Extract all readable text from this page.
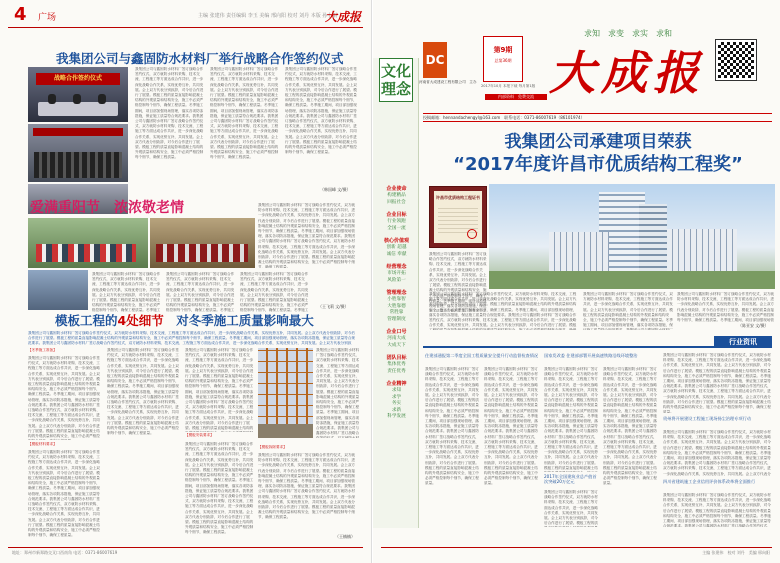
4 广场	主编 张建伟 责任编辑 李玉 美编 邢向阳 校对 刘丹 本版 孙小雨
大成报
我集团公司与鑫固防水材料厂举行战略合作签约仪式
战略合作签约仪式
我集团公司与鑫固防水材料厂签订战略合作签约仪式，双方就防水材料采购、技术交流、工程施工等方面达成合作共识，进一步深化战略合作关系，实现优势互补，共同发展。会上双方代表分别致辞，对今后合作进行了展望。模板工程的质量直接影响混凝土结构的外观质量和结构安全，施工中必须严格控制每个细节，确保工程质量。冬季施工期间，项目部加强现场管理，落实各项防冻措施，保证施工质量符合规范要求。我集团公司与鑫固防水材料厂签订战略合作签约仪式，双方就防水材料采购、技术交流、工程施工等方面达成合作共识，进一步深化战略合作关系，实现优势互补，共同发展。会上双方代表分别致辞，对今后合作进行了展望。模板工程的质量直接影响混凝土结构的外观质量和结构安全，施工中必须严格控制每个细节，确保工程质量。
我集团公司与鑫固防水材料厂签订战略合作签约仪式，双方就防水材料采购、技术交流、工程施工等方面达成合作共识，进一步深化战略合作关系，实现优势互补，共同发展。会上双方代表分别致辞，对今后合作进行了展望。模板工程的质量直接影响混凝土结构的外观质量和结构安全，施工中必须严格控制每个细节，确保工程质量。冬季施工期间，项目部加强现场管理，落实各项防冻措施，保证施工质量符合规范要求。我集团公司与鑫固防水材料厂签订战略合作签约仪式，双方就防水材料采购、技术交流、工程施工等方面达成合作共识，进一步深化战略合作关系，实现优势互补，共同发展。会上双方代表分别致辞，对今后合作进行了展望。模板工程的质量直接影响混凝土结构的外观质量和结构安全，施工中必须严格控制每个细节，确保工程质量。
我集团公司与鑫固防水材料厂签订战略合作签约仪式，双方就防水材料采购、技术交流、工程施工等方面达成合作共识，进一步深化战略合作关系，实现优势互补，共同发展。会上双方代表分别致辞，对今后合作进行了展望。模板工程的质量直接影响混凝土结构的外观质量和结构安全，施工中必须严格控制每个细节，确保工程质量。冬季施工期间，项目部加强现场管理，落实各项防冻措施，保证施工质量符合规范要求。我集团公司与鑫固防水材料厂签订战略合作签约仪式，双方就防水材料采购、技术交流、工程施工等方面达成合作共识，进一步深化战略合作关系，实现优势互补，共同发展。会上双方代表分别致辞，对今后合作进行了展望。模板工程的质量直接影响混凝土结构的外观质量和结构安全，施工中必须严格控制每个细节，确保工程质量。
（韩国峰 文/摄）
爱满重阳节　浓浓敬老情
我集团公司与鑫固防水材料厂签订战略合作签约仪式，双方就防水材料采购、技术交流、工程施工等方面达成合作共识，进一步深化战略合作关系，实现优势互补，共同发展。会上双方代表分别致辞，对今后合作进行了展望。模板工程的质量直接影响混凝土结构的外观质量和结构安全，施工中必须严格控制每个细节，确保工程质量。冬季施工期间，项目部加强现场管理，落实各项防冻措施，保证施工质量符合规范要求。我集团公司与鑫固防水材料厂签订战略合作签约仪式，双方就防水材料采购、技术交流、工程施工等方面达成合作共识，进一步深化战略合作关系，实现优势互补，共同发展。会上双方代表分别致辞，对今后合作进行了展望。模板工程的质量直接影响混凝土结构的外观质量和结构安全，施工中必须严格控制每个细节，确保工程质量。
我集团公司与鑫固防水材料厂签订战略合作签约仪式，双方就防水材料采购、技术交流、工程施工等方面达成合作共识，进一步深化战略合作关系，实现优势互补，共同发展。会上双方代表分别致辞，对今后合作进行了展望。模板工程的质量直接影响混凝土结构的外观质量和结构安全，施工中必须严格控制每个细节，确保工程质量。冬季施工期间，项目部加强现场管理，落实各项防冻措施，保证施工质量符合规范要求。我集团公司与鑫固防水材料厂签订战略合作签约仪式，双方就防水材料采购、技术交流、工程施工等方面达成合作共识，进一步深化战略合作关系，实现优势互补，共同发展。会上双方代表分别致辞，对今后合作进行了展望。模板工程的质量直接影响混凝土结构的外观质量和结构安全，施工中必须严格控制每个细节，确保工程质量。
我集团公司与鑫固防水材料厂签订战略合作签约仪式，双方就防水材料采购、技术交流、工程施工等方面达成合作共识，进一步深化战略合作关系，实现优势互补，共同发展。会上双方代表分别致辞，对今后合作进行了展望。模板工程的质量直接影响混凝土结构的外观质量和结构安全，施工中必须严格控制每个细节，确保工程质量。冬季施工期间，项目部加强现场管理，落实各项防冻措施，保证施工质量符合规范要求。我集团公司与鑫固防水材料厂签订战略合作签约仪式，双方就防水材料采购、技术交流、工程施工等方面达成合作共识，进一步深化战略合作关系，实现优势互补，共同发展。会上双方代表分别致辞，对今后合作进行了展望。模板工程的质量直接影响混凝土结构的外观质量和结构安全，施工中必须严格控制每个细节，确保工程质量。
我集团公司与鑫固防水材料厂签订战略合作签约仪式，双方就防水材料采购、技术交流、工程施工等方面达成合作共识，进一步深化战略合作关系，实现优势互补，共同发展。会上双方代表分别致辞，对今后合作进行了展望。模板工程的质量直接影响混凝土结构的外观质量和结构安全，施工中必须严格控制每个细节，确保工程质量。冬季施工期间，项目部加强现场管理，落实各项防冻措施，保证施工质量符合规范要求。我集团公司与鑫固防水材料厂签订战略合作签约仪式，双方就防水材料采购、技术交流、工程施工等方面达成合作共识，进一步深化战略合作关系，实现优势互补，共同发展。会上双方代表分别致辞，对今后合作进行了展望。模板工程的质量直接影响混凝土结构的外观质量和结构安全，施工中必须严格控制每个细节，确保工程质量。
（王飞莉 文/摄）
模板工程的4处细节　 对冬季施工质量影响最大
我集团公司与鑫固防水材料厂签订战略合作签约仪式，双方就防水材料采购、技术交流、工程施工等方面达成合作共识，进一步深化战略合作关系，实现优势互补，共同发展。会上双方代表分别致辞，对今后合作进行了展望。模板工程的质量直接影响混凝土结构的外观质量和结构安全，施工中必须严格控制每个细节，确保工程质量。冬季施工期间，项目部加强现场管理，落实各项防冻措施，保证施工质量符合规范要求。我集团公司与鑫固防水材料厂签订战略合作签约仪式，双方就防水材料采购、技术交流、工程施工等方面达成合作共识，进一步深化战略合作关系，实现优势互补，共同发展。会上双方代表分别致辞，对今后合作进行了展望。模板工程的质量直接影响混凝土结构的外观质量和结构安全，施工中必须严格控制每个细节，确保工程质量。
【冬季施工准备】
我集团公司与鑫固防水材料厂签订战略合作签约仪式，双方就防水材料采购、技术交流、工程施工等方面达成合作共识，进一步深化战略合作关系，实现优势互补，共同发展。会上双方代表分别致辞，对今后合作进行了展望。模板工程的质量直接影响混凝土结构的外观质量和结构安全，施工中必须严格控制每个细节，确保工程质量。冬季施工期间，项目部加强现场管理，落实各项防冻措施，保证施工质量符合规范要求。我集团公司与鑫固防水材料厂签订战略合作签约仪式，双方就防水材料采购、技术交流、工程施工等方面达成合作共识，进一步深化战略合作关系，实现优势互补，共同发展。会上双方代表分别致辞，对今后合作进行了展望。模板工程的质量直接影响混凝土结构的外观质量和结构安全，施工中必须严格控制每个细节，确保工程质量。
【模板材料要求】
我集团公司与鑫固防水材料厂签订战略合作签约仪式，双方就防水材料采购、技术交流、工程施工等方面达成合作共识，进一步深化战略合作关系，实现优势互补，共同发展。会上双方代表分别致辞，对今后合作进行了展望。模板工程的质量直接影响混凝土结构的外观质量和结构安全，施工中必须严格控制每个细节，确保工程质量。冬季施工期间，项目部加强现场管理，落实各项防冻措施，保证施工质量符合规范要求。我集团公司与鑫固防水材料厂签订战略合作签约仪式，双方就防水材料采购、技术交流、工程施工等方面达成合作共识，进一步深化战略合作关系，实现优势互补，共同发展。会上双方代表分别致辞，对今后合作进行了展望。模板工程的质量直接影响混凝土结构的外观质量和结构安全，施工中必须严格控制每个细节，确保工程质量。
我集团公司与鑫固防水材料厂签订战略合作签约仪式，双方就防水材料采购、技术交流、工程施工等方面达成合作共识，进一步深化战略合作关系，实现优势互补，共同发展。会上双方代表分别致辞，对今后合作进行了展望。模板工程的质量直接影响混凝土结构的外观质量和结构安全，施工中必须严格控制每个细节，确保工程质量。冬季施工期间，项目部加强现场管理，落实各项防冻措施，保证施工质量符合规范要求。我集团公司与鑫固防水材料厂签订战略合作签约仪式，双方就防水材料采购、技术交流、工程施工等方面达成合作共识，进一步深化战略合作关系，实现优势互补，共同发展。会上双方代表分别致辞，对今后合作进行了展望。模板工程的质量直接影响混凝土结构的外观质量和结构安全，施工中必须严格控制每个细节，确保工程质量。
【模板安装要求】
我集团公司与鑫固防水材料厂签订战略合作签约仪式，双方就防水材料采购、技术交流、工程施工等方面达成合作共识，进一步深化战略合作关系，实现优势互补，共同发展。会上双方代表分别致辞，对今后合作进行了展望。模板工程的质量直接影响混凝土结构的外观质量和结构安全，施工中必须严格控制每个细节，确保工程质量。冬季施工期间，项目部加强现场管理，落实各项防冻措施，保证施工质量符合规范要求。我集团公司与鑫固防水材料厂签订战略合作签约仪式，双方就防水材料采购、技术交流、工程施工等方面达成合作共识，进一步深化战略合作关系，实现优势互补，共同发展。会上双方代表分别致辞，对今后合作进行了展望。模板工程的质量直接影响混凝土结构的外观质量和结构安全，施工中必须严格控制每个细节，确保工程质量。
我集团公司与鑫固防水材料厂签订战略合作签约仪式，双方就防水材料采购、技术交流、工程施工等方面达成合作共识，进一步深化战略合作关系，实现优势互补，共同发展。会上双方代表分别致辞，对今后合作进行了展望。模板工程的质量直接影响混凝土结构的外观质量和结构安全，施工中必须严格控制每个细节，确保工程质量。冬季施工期间，项目部加强现场管理，落实各项防冻措施，保证施工质量符合规范要求。我集团公司与鑫固防水材料厂签订战略合作签约仪式，双方就防水材料采购、技术交流、工程施工等方面达成合作共识，进一步深化战略合作关系，实现优势互补，共同发展。会上双方代表分别致辞，对今后合作进行了展望。模板工程的质量直接影响混凝土结构的外观质量和结构安全，施工中必须严格控制每个细节，确保工程质量。
我集团公司与鑫固防水材料厂签订战略合作签约仪式，双方就防水材料采购、技术交流、工程施工等方面达成合作共识，进一步深化战略合作关系，实现优势互补，共同发展。会上双方代表分别致辞，对今后合作进行了展望。模板工程的质量直接影响混凝土结构的外观质量和结构安全，施工中必须严格控制每个细节，确保工程质量。冬季施工期间，项目部加强现场管理，落实各项防冻措施，保证施工质量符合规范要求。我集团公司与鑫固防水材料厂签订战略合作签约仪式，双方就防水材料采购、技术交流、工程施工等方面达成合作共识，进一步深化战略合作关系，实现优势互补，共同发展。会上双方代表分别致辞，对今后合作进行了展望。模板工程的质量直接影响混凝土结构的外观质量和结构安全，施工中必须严格控制每个细节，确保工程质量。
【模板拆除要求】
我集团公司与鑫固防水材料厂签订战略合作签约仪式，双方就防水材料采购、技术交流、工程施工等方面达成合作共识，进一步深化战略合作关系，实现优势互补，共同发展。会上双方代表分别致辞，对今后合作进行了展望。模板工程的质量直接影响混凝土结构的外观质量和结构安全，施工中必须严格控制每个细节，确保工程质量。冬季施工期间，项目部加强现场管理，落实各项防冻措施，保证施工质量符合规范要求。我集团公司与鑫固防水材料厂签订战略合作签约仪式，双方就防水材料采购、技术交流、工程施工等方面达成合作共识，进一步深化战略合作关系，实现优势互补，共同发展。会上双方代表分别致辞，对今后合作进行了展望。模板工程的质量直接影响混凝土结构的外观质量和结构安全，施工中必须严格控制每个细节，确保工程质量。
（王楠楠）
地址：郑州市新郑路交叉口西南角 电话：0371-86007619
文化理念
企业使命
构建精品
回报社会
企业目标
行业领跑
全国一流
核心价值观
创新 超越
诚信 奉献
经营理念
市场开拓
风险第一
管理理念
小胜靠智
大胜靠德
常胜靠
管理制度
企业口号
河南大成
大成天下
团队目标
集体优秀
责任优秀
企业精神
求知
求学
务实
求新
科学发展
DC
河南省大成建设工程有限公司　主办
第9期
总第36期
2017年10月 本报下载 每月第1版
内部资料　免费交流
求知　求变　求实　求和
大成报
投稿邮箱：hennandachengyl@163.com　联系电话：0371-86007619（86101974）
我集团公司承建项目荣获
“2017年度许昌市优质结构工程奖”
许昌市优质结构工程证书
我集团公司与鑫固防水材料厂签订战略合作签约仪式，双方就防水材料采购、技术交流、工程施工等方面达成合作共识，进一步深化战略合作关系，实现优势互补，共同发展。会上双方代表分别致辞，对今后合作进行了展望。模板工程的质量直接影响混凝土结构的外观质量和结构安全，施工中必须严格控制每个细节，确保工程质量。冬季施工期间，项目部加强现场管理，落实各项防冻措施，保证施工质量符合规范要求。我集团公司与鑫固防水材料厂签订战略合作签约仪式，双方就防水材料采购、技术交流、工程施工等方面达成合作共识，进一步深化战略合作关系，实现优势互补，共同发展。会上双方代表分别致辞，对今后合作进行了展望。模板工程的质量直接影响混凝土结构的外观质量和结构安全，施工中必须严格控制每个细节，确保工程质量。
我集团公司与鑫固防水材料厂签订战略合作签约仪式，双方就防水材料采购、技术交流、工程施工等方面达成合作共识，进一步深化战略合作关系，实现优势互补，共同发展。会上双方代表分别致辞，对今后合作进行了展望。模板工程的质量直接影响混凝土结构的外观质量和结构安全，施工中必须严格控制每个细节，确保工程质量。冬季施工期间，项目部加强现场管理，落实各项防冻措施，保证施工质量符合规范要求。我集团公司与鑫固防水材料厂签订战略合作签约仪式，双方就防水材料采购、技术交流、工程施工等方面达成合作共识，进一步深化战略合作关系，实现优势互补，共同发展。会上双方代表分别致辞，对今后合作进行了展望。模板工程的质量直接影响混凝土结构的外观质量和结构安全，施工中必须严格控制每个细节，确保工程质量。
我集团公司与鑫固防水材料厂签订战略合作签约仪式，双方就防水材料采购、技术交流、工程施工等方面达成合作共识，进一步深化战略合作关系，实现优势互补，共同发展。会上双方代表分别致辞，对今后合作进行了展望。模板工程的质量直接影响混凝土结构的外观质量和结构安全，施工中必须严格控制每个细节，确保工程质量。冬季施工期间，项目部加强现场管理，落实各项防冻措施，保证施工质量符合规范要求。我集团公司与鑫固防水材料厂签订战略合作签约仪式，双方就防水材料采购、技术交流、工程施工等方面达成合作共识，进一步深化战略合作关系，实现优势互补，共同发展。会上双方代表分别致辞，对今后合作进行了展望。模板工程的质量直接影响混凝土结构的外观质量和结构安全，施工中必须严格控制每个细节，确保工程质量。
我集团公司与鑫固防水材料厂签订战略合作签约仪式，双方就防水材料采购、技术交流、工程施工等方面达成合作共识，进一步深化战略合作关系，实现优势互补，共同发展。会上双方代表分别致辞，对今后合作进行了展望。模板工程的质量直接影响混凝土结构的外观质量和结构安全，施工中必须严格控制每个细节，确保工程质量。冬季施工期间，项目部加强现场管理，落实各项防冻措施，保证施工质量符合规范要求。我集团公司与鑫固防水材料厂签订战略合作签约仪式，双方就防水材料采购、技术交流、工程施工等方面达成合作共识，进一步深化战略合作关系，实现优势互补，共同发展。会上双方代表分别致辞，对今后合作进行了展望。模板工程的质量直接影响混凝土结构的外观质量和结构安全，施工中必须严格控制每个细节，确保工程质量。
（陈亚安 文/摄）
行业资讯
住建部通报第二季度全国工程质量安全提升行动监督检查情况
我集团公司与鑫固防水材料厂签订战略合作签约仪式，双方就防水材料采购、技术交流、工程施工等方面达成合作共识，进一步深化战略合作关系，实现优势互补，共同发展。会上双方代表分别致辞，对今后合作进行了展望。模板工程的质量直接影响混凝土结构的外观质量和结构安全，施工中必须严格控制每个细节，确保工程质量。冬季施工期间，项目部加强现场管理，落实各项防冻措施，保证施工质量符合规范要求。我集团公司与鑫固防水材料厂签订战略合作签约仪式，双方就防水材料采购、技术交流、工程施工等方面达成合作共识，进一步深化战略合作关系，实现优势互补，共同发展。会上双方代表分别致辞，对今后合作进行了展望。模板工程的质量直接影响混凝土结构的外观质量和结构安全，施工中必须严格控制每个细节，确保工程质量。
我集团公司与鑫固防水材料厂签订战略合作签约仪式，双方就防水材料采购、技术交流、工程施工等方面达成合作共识，进一步深化战略合作关系，实现优势互补，共同发展。会上双方代表分别致辞，对今后合作进行了展望。模板工程的质量直接影响混凝土结构的外观质量和结构安全，施工中必须严格控制每个细节，确保工程质量。冬季施工期间，项目部加强现场管理，落实各项防冻措施，保证施工质量符合规范要求。我集团公司与鑫固防水材料厂签订战略合作签约仪式，双方就防水材料采购、技术交流、工程施工等方面达成合作共识，进一步深化战略合作关系，实现优势互补，共同发展。会上双方代表分别致辞，对今后合作进行了展望。模板工程的质量直接影响混凝土结构的外观质量和结构安全，施工中必须严格控制每个细节，确保工程质量。	国家发改委 住建部部署开展高速铁路沿线环境整治
我集团公司与鑫固防水材料厂签订战略合作签约仪式，双方就防水材料采购、技术交流、工程施工等方面达成合作共识，进一步深化战略合作关系，实现优势互补，共同发展。会上双方代表分别致辞，对今后合作进行了展望。模板工程的质量直接影响混凝土结构的外观质量和结构安全，施工中必须严格控制每个细节，确保工程质量。冬季施工期间，项目部加强现场管理，落实各项防冻措施，保证施工质量符合规范要求。我集团公司与鑫固防水材料厂签订战略合作签约仪式，双方就防水材料采购、技术交流、工程施工等方面达成合作共识，进一步深化战略合作关系，实现优势互补，共同发展。会上双方代表分别致辞，对今后合作进行了展望。模板工程的质量直接影响混凝土结构的外观质量和结构安全，施工中必须严格控制每个细节，确保工程质量。
我集团公司与鑫固防水材料厂签订战略合作签约仪式，双方就防水材料采购、技术交流、工程施工等方面达成合作共识，进一步深化战略合作关系，实现优势互补，共同发展。会上双方代表分别致辞，对今后合作进行了展望。模板工程的质量直接影响混凝土结构的外观质量和结构安全，施工中必须严格控制每个细节，确保工程质量。冬季施工期间，项目部加强现场管理，落实各项防冻措施，保证施工质量符合规范要求。我集团公司与鑫固防水材料厂签订战略合作签约仪式，双方就防水材料采购、技术交流、工程施工等方面达成合作共识，进一步深化战略合作关系，实现优势互补，共同发展。会上双方代表分别致辞，对今后合作进行了展望。模板工程的质量直接影响混凝土结构的外观质量和结构安全，施工中必须严格控制每个细节，确保工程质量。
2017年全国建筑业总产值首次突破20万亿元
我集团公司与鑫固防水材料厂签订战略合作签约仪式，双方就防水材料采购、技术交流、工程施工等方面达成合作共识，进一步深化战略合作关系，实现优势互补，共同发展。会上双方代表分别致辞，对今后合作进行了展望。模板工程的质量直接影响混凝土结构的外观质量和结构安全，施工中必须严格控制每个细节，确保工程质量。冬季施工期间，项目部加强现场管理，落实各项防冻措施，保证施工质量符合规范要求。我集团公司与鑫固防水材料厂签订战略合作签约仪式，双方就防水材料采购、技术交流、工程施工等方面达成合作共识，进一步深化战略合作关系，实现优势互补，共同发展。会上双方代表分别致辞，对今后合作进行了展望。模板工程的质量直接影响混凝土结构的外观质量和结构安全，施工中必须严格控制每个细节，确保工程质量。
我集团公司与鑫固防水材料厂签订战略合作签约仪式，双方就防水材料采购、技术交流、工程施工等方面达成合作共识，进一步深化战略合作关系，实现优势互补，共同发展。会上双方代表分别致辞，对今后合作进行了展望。模板工程的质量直接影响混凝土结构的外观质量和结构安全，施工中必须严格控制每个细节，确保工程质量。冬季施工期间，项目部加强现场管理，落实各项防冻措施，保证施工质量符合规范要求。我集团公司与鑫固防水材料厂签订战略合作签约仪式，双方就防水材料采购、技术交流、工程施工等方面达成合作共识，进一步深化战略合作关系，实现优势互补，共同发展。会上双方代表分别致辞，对今后合作进行了展望。模板工程的质量直接影响混凝土结构的外观质量和结构安全，施工中必须严格控制每个细节，确保工程质量。
贵州将开展建设工程施工现场扬尘治理专项行动
我集团公司与鑫固防水材料厂签订战略合作签约仪式，双方就防水材料采购、技术交流、工程施工等方面达成合作共识，进一步深化战略合作关系，实现优势互补，共同发展。会上双方代表分别致辞，对今后合作进行了展望。模板工程的质量直接影响混凝土结构的外观质量和结构安全，施工中必须严格控制每个细节，确保工程质量。冬季施工期间，项目部加强现场管理，落实各项防冻措施，保证施工质量符合规范要求。我集团公司与鑫固防水材料厂签订战略合作签约仪式，双方就防水材料采购、技术交流、工程施工等方面达成合作共识，进一步深化战略合作关系，实现优势互补，共同发展。会上双方代表分别致辞，对今后合作进行了展望。模板工程的质量直接影响混凝土结构的外观质量和结构安全，施工中必须严格控制每个细节，确保工程质量。
四川省建筑施工企业信用评价体系改革将全面推行
我集团公司与鑫固防水材料厂签订战略合作签约仪式，双方就防水材料采购、技术交流、工程施工等方面达成合作共识，进一步深化战略合作关系，实现优势互补，共同发展。会上双方代表分别致辞，对今后合作进行了展望。模板工程的质量直接影响混凝土结构的外观质量和结构安全，施工中必须严格控制每个细节，确保工程质量。冬季施工期间，项目部加强现场管理，落实各项防冻措施，保证施工质量符合规范要求。我集团公司与鑫固防水材料厂签订战略合作签约仪式，双方就防水材料采购、技术交流、工程施工等方面达成合作共识，进一步深化战略合作关系，实现优势互补，共同发展。会上双方代表分别致辞，对今后合作进行了展望。模板工程的质量直接影响混凝土结构的外观质量和结构安全，施工中必须严格控制每个细节，确保工程质量。
主编 张建伟　校对 刘丹　美编 邢向阳
